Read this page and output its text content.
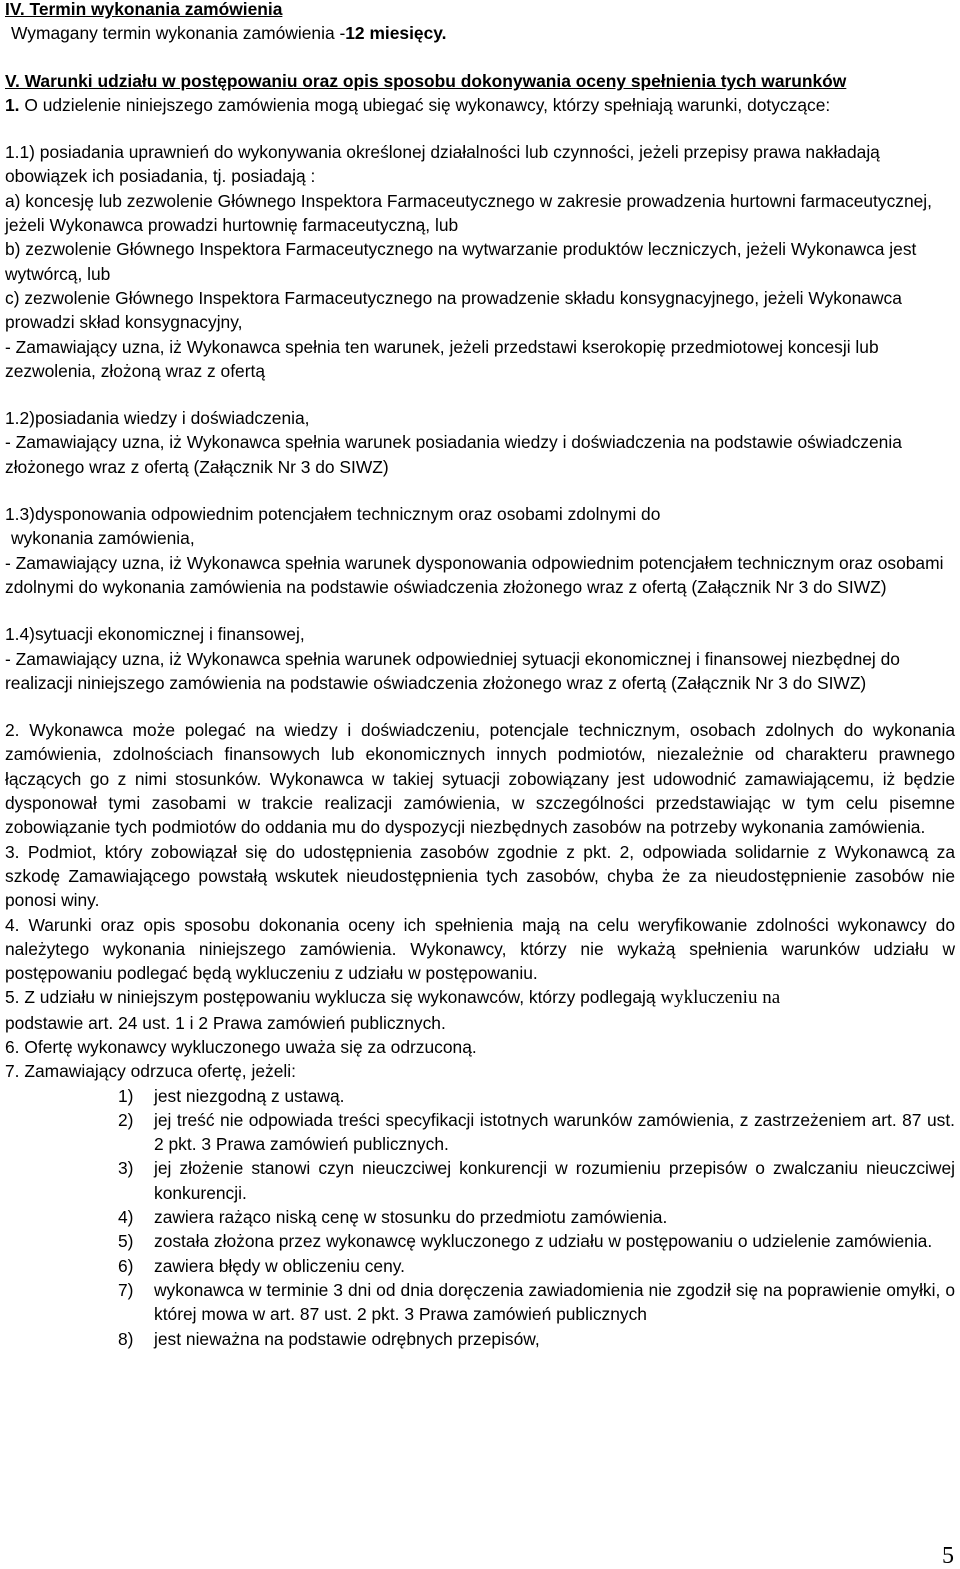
IV. Termin wykonania zamówienia

Wymagany termin wykonania zamówienia -12 miesięcy.

V. Warunki udziału w postępowaniu oraz opis sposobu dokonywania oceny spełnienia tych warunków

1. O udzielenie niniejszego zamówienia mogą ubiegać się wykonawcy, którzy spełniają warunki, dotyczące:

1.1) posiadania uprawnień do wykonywania określonej działalności lub czynności, jeżeli przepisy prawa nakładają obowiązek ich posiadania, tj. posiadają :

a) koncesję lub zezwolenie Głównego Inspektora Farmaceutycznego w zakresie prowadzenia hurtowni farmaceutycznej, jeżeli Wykonawca prowadzi hurtownię farmaceutyczną, lub

b) zezwolenie Głównego Inspektora Farmaceutycznego na wytwarzanie produktów leczniczych, jeżeli Wykonawca jest wytwórcą, lub

c) zezwolenie Głównego Inspektora Farmaceutycznego na prowadzenie składu konsygnacyjnego, jeżeli Wykonawca prowadzi skład konsygnacyjny,

- Zamawiający uzna, iż Wykonawca spełnia ten warunek, jeżeli przedstawi kserokopię przedmiotowej koncesji lub zezwolenia, złożoną wraz z ofertą

1.2)posiadania wiedzy i doświadczenia,

- Zamawiający uzna, iż Wykonawca spełnia warunek posiadania wiedzy i doświadczenia na podstawie oświadczenia złożonego wraz z ofertą (Załącznik Nr 3 do SIWZ)

1.3)dysponowania odpowiednim potencjałem technicznym oraz osobami zdolnymi do

wykonania zamówienia,

- Zamawiający uzna, iż Wykonawca spełnia warunek dysponowania odpowiednim potencjałem technicznym oraz osobami zdolnymi do wykonania zamówienia na podstawie oświadczenia złożonego wraz z ofertą (Załącznik Nr 3 do SIWZ)

1.4)sytuacji ekonomicznej i finansowej,

- Zamawiający uzna, iż Wykonawca spełnia warunek odpowiedniej sytuacji ekonomicznej i finansowej niezbędnej do realizacji niniejszego zamówienia na podstawie oświadczenia złożonego wraz z ofertą (Załącznik Nr 3 do SIWZ)

2. Wykonawca może polegać na wiedzy i doświadczeniu, potencjale technicznym, osobach zdolnych do wykonania zamówienia, zdolnościach finansowych lub ekonomicznych innych podmiotów, niezależnie od charakteru prawnego łączących go z nimi stosunków. Wykonawca w takiej sytuacji zobowiązany jest udowodnić zamawiającemu, iż będzie dysponował tymi zasobami w trakcie realizacji zamówienia, w szczególności przedstawiając w tym celu pisemne zobowiązanie tych podmiotów do oddania mu do dyspozycji niezbędnych zasobów na potrzeby wykonania zamówienia.

3. Podmiot, który zobowiązał się do udostępnienia zasobów zgodnie z pkt. 2, odpowiada solidarnie z Wykonawcą za szkodę Zamawiającego powstałą wskutek nieudostępnienia tych zasobów, chyba że za nieudostępnienie zasobów nie ponosi winy.

4. Warunki oraz opis sposobu dokonania oceny ich spełnienia mają na celu weryfikowanie zdolności wykonawcy do należytego wykonania niniejszego zamówienia. Wykonawcy, którzy nie wykażą spełnienia warunków udziału w postępowaniu podlegać będą wykluczeniu z udziału w postępowaniu.

5. Z udziału w niniejszym postępowaniu wyklucza się wykonawców, którzy podlegają wykluczeniu na

podstawie art. 24 ust. 1 i 2 Prawa zamówień publicznych.

6. Ofertę wykonawcy wykluczonego uważa się za odrzuconą.

7. Zamawiający odrzuca ofertę, jeżeli:

1) jest niezgodną z ustawą.
2) jej treść nie odpowiada treści specyfikacji istotnych warunków zamówienia, z zastrzeżeniem art. 87 ust. 2 pkt. 3 Prawa zamówień publicznych.
3) jej złożenie stanowi czyn nieuczciwej konkurencji w rozumieniu przepisów o zwalczaniu nieuczciwej konkurencji.
4) zawiera rażąco niską cenę w stosunku do przedmiotu zamówienia.
5) została złożona przez wykonawcę wykluczonego z udziału w postępowaniu o udzielenie zamówienia.
6) zawiera błędy w obliczeniu ceny.
7) wykonawca w terminie 3 dni od dnia doręczenia zawiadomienia nie zgodził się na poprawienie omyłki, o której mowa w art. 87 ust. 2 pkt. 3 Prawa zamówień publicznych
8) jest nieważna na podstawie odrębnych przepisów,
5
